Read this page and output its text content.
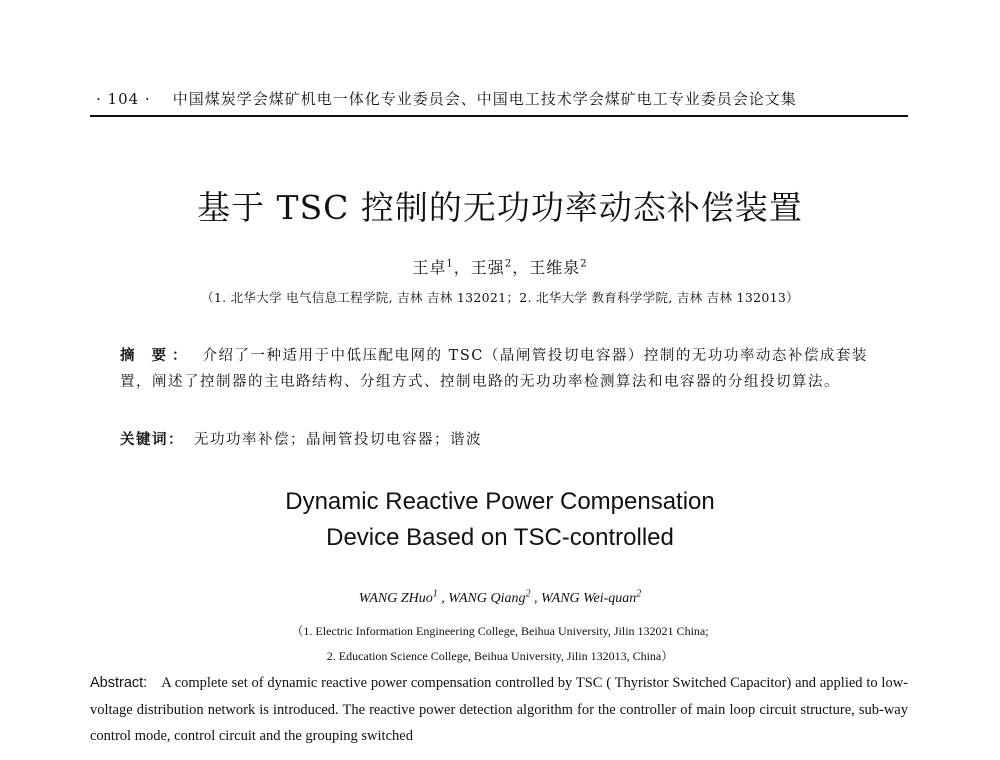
· 104 · 中国煤炭学会煤矿机电一体化专业委员会、中国电工技术学会煤矿电工专业委员会论文集
基于 TSC 控制的无功功率动态补偿装置
王卓$^1$，王强$^2$，王维泉$^2$
（1. 北华大学 电气信息工程学院, 吉林 吉林 132021；2. 北华大学 教育科学学院, 吉林 吉林 132013）
摘 要： 介绍了一种适用于中低压配电网的 TSC（晶闸管投切电容器）控制的无功功率动态补偿成套装置，阐述了控制器的主电路结构、分组方式、控制电路的无功功率检测算法和电容器的分组投切算法。
关键词： 无功功率补偿；晶闸管投切电容器；谐波
Dynamic Reactive Power Compensation
Device Based on TSC-controlled
WANG ZHuo$^1$ , WANG Qiang$^2$ , WANG Wei-quan$^2$
（1. Electric Information Engineering College, Beihua University, Jilin 132021 China;
2. Education Science College, Beihua University, Jilin 132013, China）
Abstract: A complete set of dynamic reactive power compensation controlled by TSC ( Thyristor Switched Capacitor) and applied to low-voltage distribution network is introduced. The reactive power detection algorithm for the controller of main loop circuit structure, sub-way control mode, control circuit and the grouping switched
